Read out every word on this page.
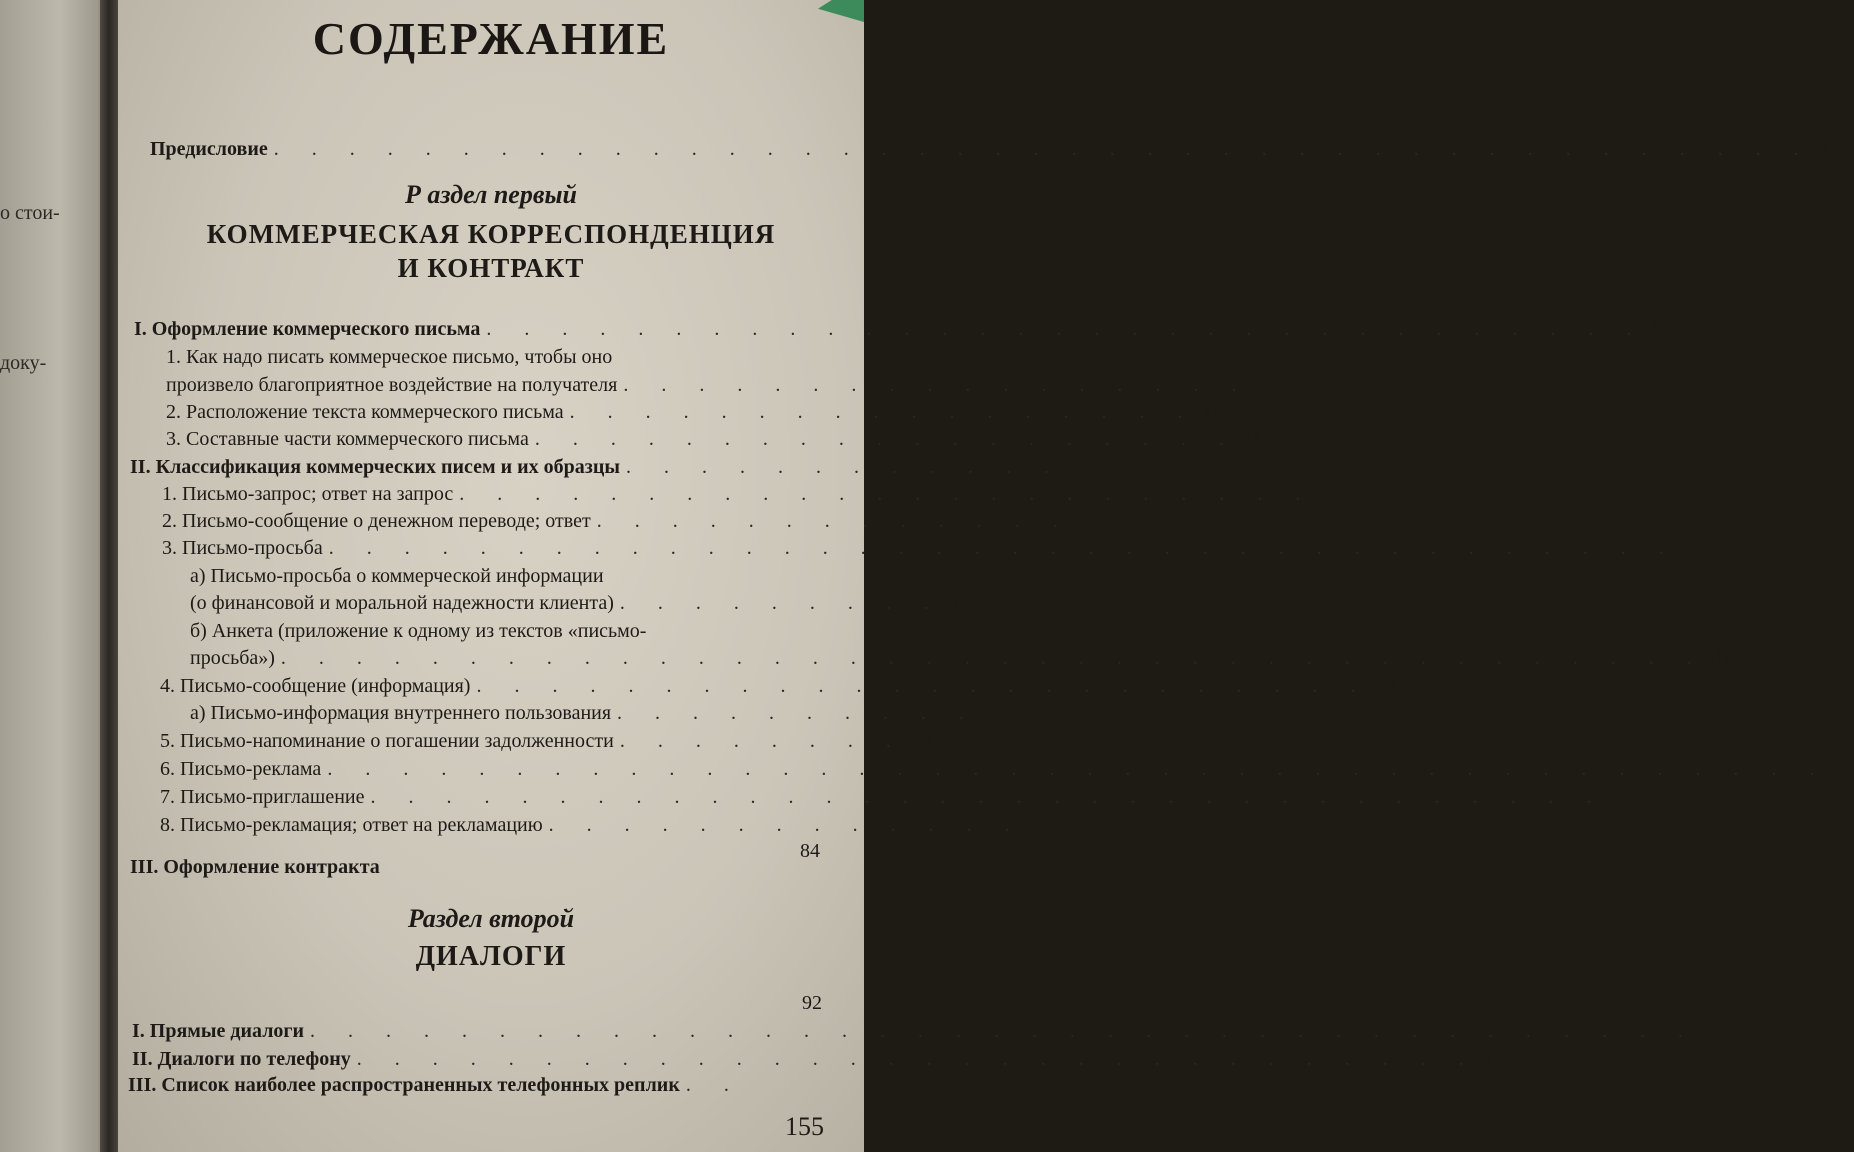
о стои-
доку-
СОДЕРЖАНИЕ
Предисловие . . . . . . . . . . . . . . . . . . . . . . . . . . . . . . . . . . . . . . . . . 3
Р аздел первый
КОММЕРЧЕСКАЯ КОРРЕСПОНДЕНЦИЯ
И КОНТРАКТ
I. Оформление коммерческого письма . . . . . . . . . . . . . . . . . . . . . . . . . . . . . . . 8
1. Как надо писать коммерческое письмо, чтобы оно
произвело благоприятное воздействие на получателя . . . . . . . . . . . . . . . . . 8
2. Расположение текста коммерческого письма . . . . . . . . . . . . . . . . . 10
3. Составные части коммерческого письма . . . . . . . . . . . . . . . . . . . 11
II. Классификация коммерческих писем и их образцы . . . . . . . . . . . . 21
1. Письмо-запрос; ответ на запрос . . . . . . . . . . . . . . . . . . . . . . . 21
2. Письмо-сообщение о денежном переводе; ответ . . . . . . . . . . . . . 29
3. Письмо-просьба . . . . . . . . . . . . . . . . . . . . . . . . . . . . . . . . . . . . 34
а) Письмо-просьба о коммерческой информации
(о финансовой и моральной надежности клиента) . . . . . . . . . 41
б) Анкета (приложение к одному из текстов «письмо-
просьба») . . . . . . . . . . . . . . . . . . . . . . . . . . . . . . . . . . . . . . 47
4. Письмо-сообщение (информация) . . . . . . . . . . . . . . . . . . . . . . . . 53
а) Письмо-информация внутреннего пользования . . . . . . . . . . 61
5. Письмо-напоминание о погашении задолженности . . . . . . . . 63
6. Письмо-реклама . . . . . . . . . . . . . . . . . . . . . . . . . . . . . . . . . . . . . . . . 71
7. Письмо-приглашение . . . . . . . . . . . . . . . . . . . . . . . . . . . . . . . . . 76
8. Письмо-рекламация; ответ на рекламацию . . . . . . . . . . . . . 78
84
III. Оформление контракта
Раздел второй
ДИАЛОГИ
92
I. Прямые диалоги . . . . . . . . . . . . . . . . . . . . . . . . . . . . . . . . . . . . . 106
II. Диалоги по телефону . . . . . . . . . . . . . . . . . . . . . . . . . . . . . . 112
III. Список наиболее распространенных телефонных реплик . .
155
